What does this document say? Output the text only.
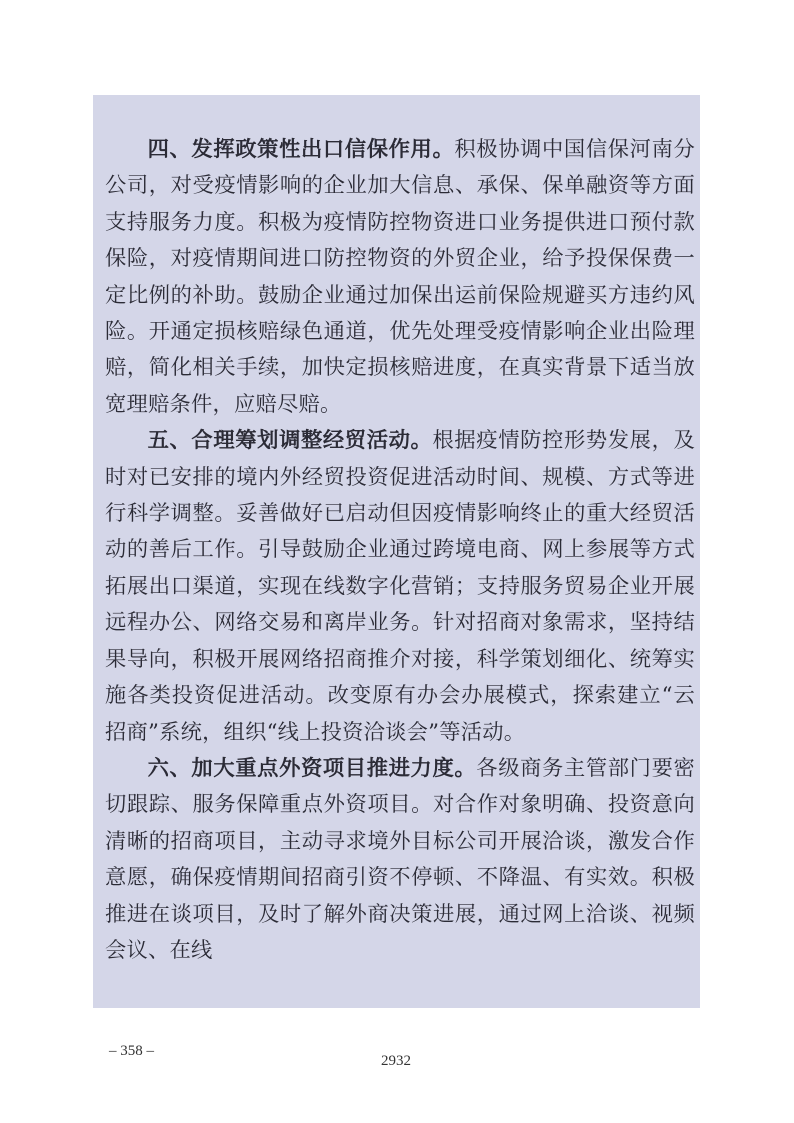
四、发挥政策性出口信保作用。积极协调中国信保河南分公司，对受疫情影响的企业加大信息、承保、保单融资等方面支持服务力度。积极为疫情防控物资进口业务提供进口预付款保险，对疫情期间进口防控物资的外贸企业，给予投保保费一定比例的补助。鼓励企业通过加保出运前保险规避买方违约风险。开通定损核赔绿色通道，优先处理受疫情影响企业出险理赔，简化相关手续，加快定损核赔进度，在真实背景下适当放宽理赔条件，应赔尽赔。

五、合理筹划调整经贸活动。根据疫情防控形势发展，及时对已安排的境内外经贸投资促进活动时间、规模、方式等进行科学调整。妥善做好已启动但因疫情影响终止的重大经贸活动的善后工作。引导鼓励企业通过跨境电商、网上参展等方式拓展出口渠道，实现在线数字化营销；支持服务贸易企业开展远程办公、网络交易和离岸业务。针对招商对象需求，坚持结果导向，积极开展网络招商推介对接，科学策划细化、统筹实施各类投资促进活动。改变原有办会办展模式，探索建立“云招商”系统，组织“线上投资洽谈会”等活动。

六、加大重点外资项目推进力度。各级商务主管部门要密切跟踪、服务保障重点外资项目。对合作对象明确、投资意向清晰的招商项目，主动寻求境外目标公司开展洽谈，激发合作意愿，确保疫情期间招商引资不停顿、不降温、有实效。积极推进在谈项目，及时了解外商决策进展，通过网上洽谈、视频会议、在线

– 358 –
2932
